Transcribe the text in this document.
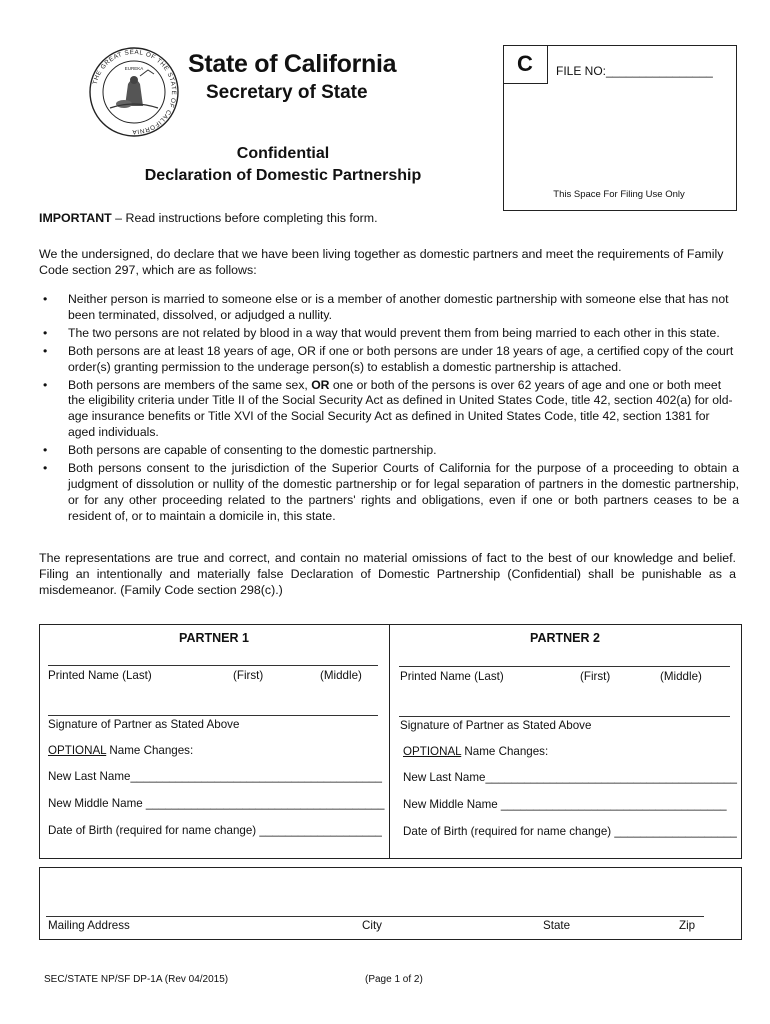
THE GREAT SEAL OF THE STATE OF CALIFORNIA
EUREKA State of California
Secretary of State
Confidential
Declaration of Domestic Partnership
C	FILE NO:________________
This Space For Filing Use Only
IMPORTANT – Read instructions before completing this form.
We the undersigned, do declare that we have been living together as domestic partners and meet the requirements of Family Code section 297, which are as follows:
• Neither person is married to someone else or is a member of another domestic partnership with someone else that has not been terminated, dissolved, or adjudged a nullity.
• The two persons are not related by blood in a way that would prevent them from being married to each other in this state.
• Both persons are at least 18 years of age, OR if one or both persons are under 18 years of age, a certified copy of the court order(s) granting permission to the underage person(s) to establish a domestic partnership is attached.
• Both persons are members of the same sex, OR one or both of the persons is over 62 years of age and one or both meet the eligibility criteria under Title II of the Social Security Act as defined in United States Code, title 42, section 402(a) for old-age insurance benefits or Title XVI of the Social Security Act as defined in United States Code, title 42, section 1381 for aged individuals.
• Both persons are capable of consenting to the domestic partnership.
• Both persons consent to the jurisdiction of the Superior Courts of California for the purpose of a proceeding to obtain a judgment of dissolution or nullity of the domestic partnership or for legal separation of partners in the domestic partnership, or for any other proceeding related to the partners' rights and obligations, even if one or both partners ceases to be a resident of, or to maintain a domicile in, this state.
The representations are true and correct, and contain no material omissions of fact to the best of our knowledge and belief. Filing an intentionally and materially false Declaration of Domestic Partnership (Confidential) shall be punishable as a misdemeanor. (Family Code section 298(c).)
PARTNER 1
Printed Name (Last)	(First)	(Middle)
Signature of Partner as Stated Above
OPTIONAL Name Changes:
New Last Name_______________________________________
New Middle Name _____________________________________
Date of Birth (required for name change) ___________________
PARTNER 2
Printed Name (Last)	(First)	(Middle)
Signature of Partner as Stated Above
OPTIONAL Name Changes:
New Last Name_______________________________________
New Middle Name ___________________________________
Date of Birth (required for name change) ___________________
Mailing Address	City	State	Zip
SEC/STATE NP/SF DP-1A (Rev 04/2015)	(Page 1 of 2)
